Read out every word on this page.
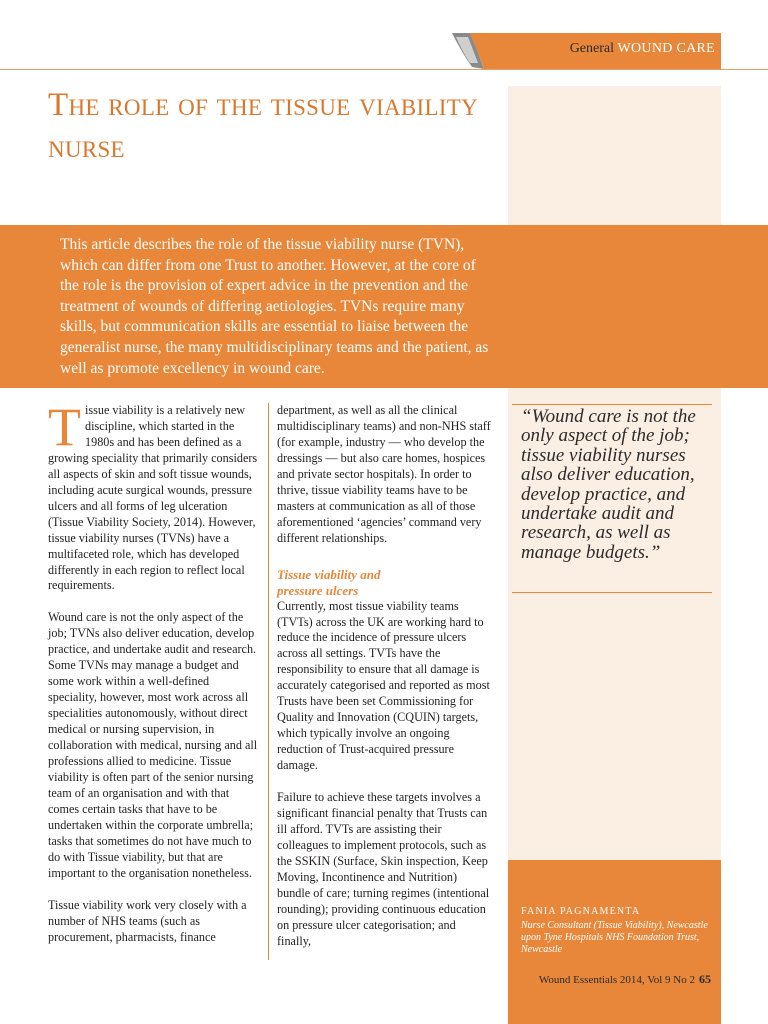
General WOUND CARE
The role of the tissue viability nurse
This article describes the role of the tissue viability nurse (TVN), which can differ from one Trust to another. However, at the core of the role is the provision of expert advice in the prevention and the treatment of wounds of differing aetiologies. TVNs require many skills, but communication skills are essential to liaise between the generalist nurse, the many multidisciplinary teams and the patient, as well as promote excellency in wound care.

Tissue viability is a relatively new discipline, which started in the 1980s and has been defined as a growing speciality that primarily considers all aspects of skin and soft tissue wounds, including acute surgical wounds, pressure ulcers and all forms of leg ulceration (Tissue Viability Society, 2014). However, tissue viability nurses (TVNs) have a multifaceted role, which has developed differently in each region to reflect local requirements.

Wound care is not the only aspect of the job; TVNs also deliver education, develop practice, and undertake audit and research. Some TVNs may manage a budget and some work within a well-defined speciality, however, most work across all specialities autonomously, without direct medical or nursing supervision, in collaboration with medical, nursing and all professions allied to medicine. Tissue viability is often part of the senior nursing team of an organisation and with that comes certain tasks that have to be undertaken within the corporate umbrella; tasks that sometimes do not have much to do with Tissue viability, but that are important to the organisation nonetheless.

Tissue viability work very closely with a number of NHS teams (such as procurement, pharmacists, finance

department, as well as all the clinical multidisciplinary teams) and non-NHS staff (for example, industry — who develop the dressings — but also care homes, hospices and private sector hospitals). In order to thrive, tissue viability teams have to be masters at communication as all of those aforementioned ‘agencies’ command very different relationships.

Tissue viability and pressure ulcers

Currently, most tissue viability teams (TVTs) across the UK are working hard to reduce the incidence of pressure ulcers across all settings. TVTs have the responsibility to ensure that all damage is accurately categorised and reported as most Trusts have been set Commissioning for Quality and Innovation (CQUIN) targets, which typically involve an ongoing reduction of Trust-acquired pressure damage.

Failure to achieve these targets involves a significant financial penalty that Trusts can ill afford. TVTs are assisting their colleagues to implement protocols, such as the SSKIN (Surface, Skin inspection, Keep Moving, Incontinence and Nutrition) bundle of care; turning regimes (intentional rounding); providing continuous education on pressure ulcer categorisation; and finally,

“Wound care is not the only aspect of the job; tissue viability nurses also deliver education, develop practice, and undertake audit and research, as well as manage budgets.”
FANIA PAGNAMENTA
Nurse Consultant (Tissue Viability), Newcastle upon Tyne Hospitals NHS Foundation Trust, Newcastle
Wound Essentials 2014, Vol 9 No 2 65
